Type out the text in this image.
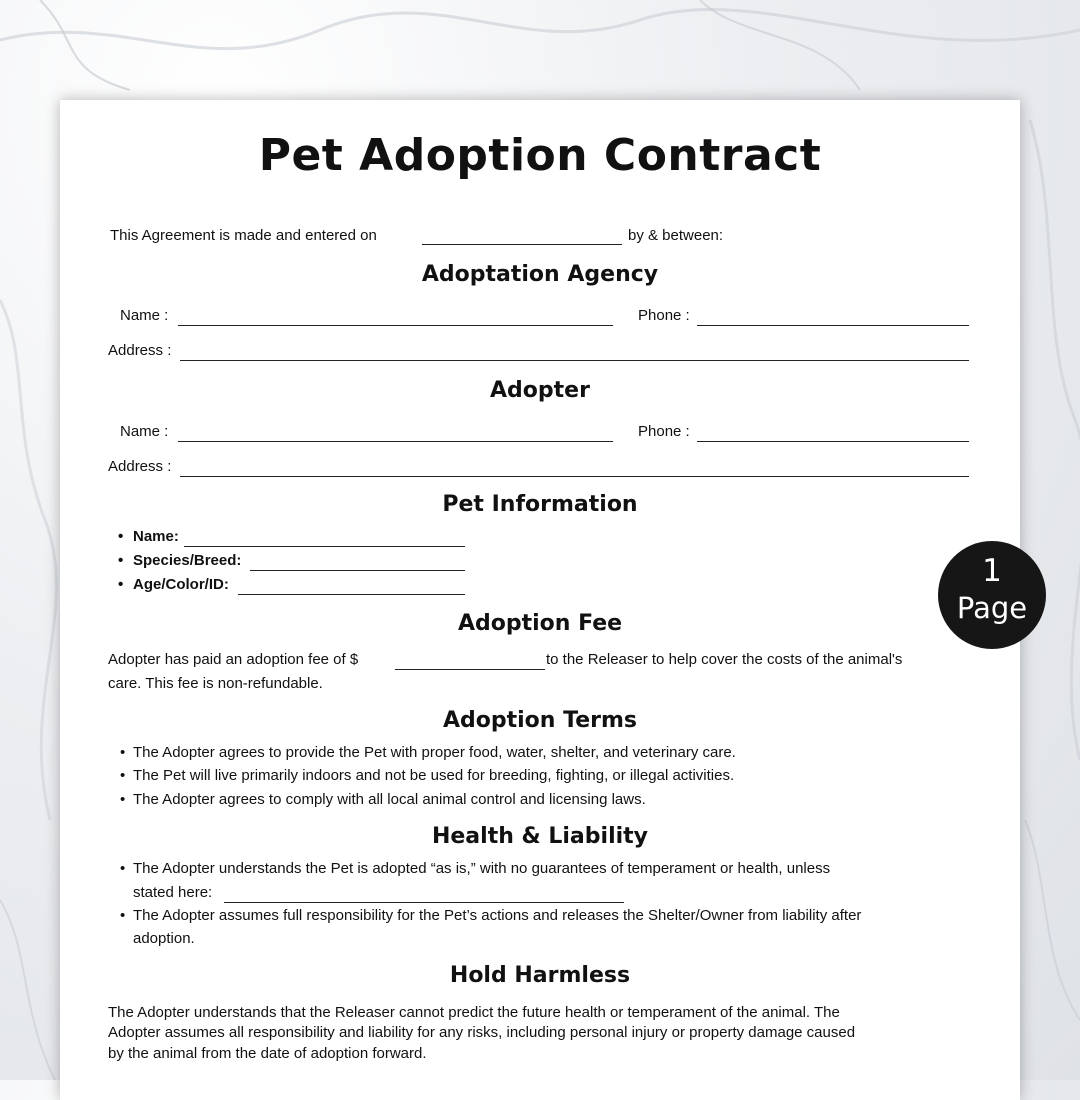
Pet Adoption Contract
This Agreement is made and entered on	by & between:
Adoptation Agency
Name :	Phone :
Address :
Adopter
Name :	Phone :
Address :
Pet Information
• Name:
• Species/Breed:
• Age/Color/ID:
Adoption Fee
Adopter has paid an adoption fee of $	to the Releaser to help cover the costs of the animal's
care. This fee is non-refundable.
Adoption Terms
• The Adopter agrees to provide the Pet with proper food, water, shelter, and veterinary care.
• The Pet will live primarily indoors and not be used for breeding, fighting, or illegal activities.
• The Adopter agrees to comply with all local animal control and licensing laws.
Health & Liability
• The Adopter understands the Pet is adopted “as is,” with no guarantees of temperament or health, unless
stated here:
• The Adopter assumes full responsibility for the Pet’s actions and releases the Shelter/Owner from liability after
adoption.
Hold Harmless
The Adopter understands that the Releaser cannot predict the future health or temperament of the animal. The
Adopter assumes all responsibility and liability for any risks, including personal injury or property damage caused
by the animal from the date of adoption forward.
1
Page
